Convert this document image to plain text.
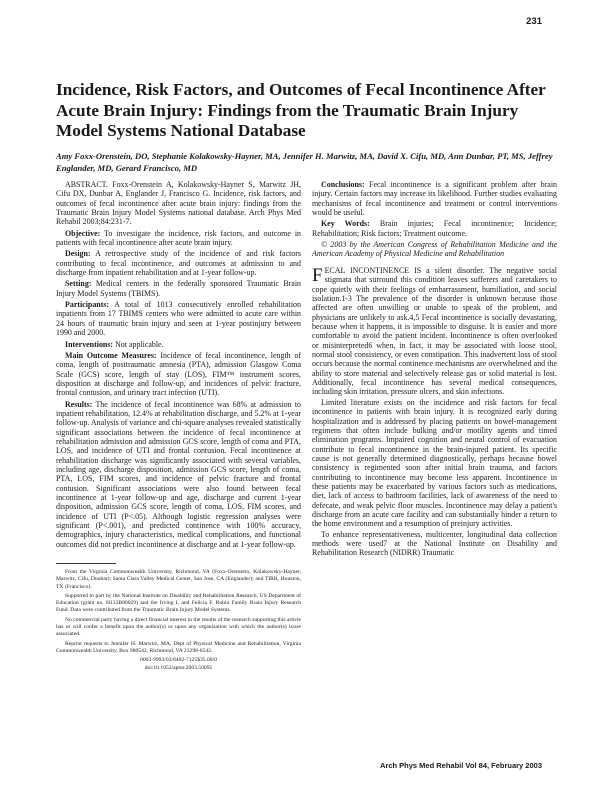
231
Incidence, Risk Factors, and Outcomes of Fecal Incontinence After Acute Brain Injury: Findings from the Traumatic Brain Injury Model Systems National Database

Amy Foxx-Orenstein, DO, Stephanie Kolakowsky-Hayner, MA, Jennifer H. Marwitz, MA, David X. Cifu, MD, Ann Dunbar, PT, MS, Jeffrey Englander, MD, Gerard Francisco, MD

ABSTRACT. Foxx-Orenstein A, Kolakowsky-Hayner S, Marwitz JH, Cifu DX, Dunbar A, Englander J, Francisco G. Incidence, risk factors, and outcomes of fecal incontinence after acute brain injury: findings from the Traumatic Brain Injury Model Systems national database. Arch Phys Med Rehabil 2003;84:231-7.

Objective: To investigate the incidence, risk factors, and outcome in patients with fecal incontinence after acute brain injury.

Design: A retrospective study of the incidence of and risk factors contributing to fecal incontinence, and outcomes at admission to and discharge from inpatient rehabilitation and at 1-year follow-up.

Setting: Medical centers in the federally sponsored Traumatic Brain Injury Model Systems (TBIMS).

Participants: A total of 1013 consecutively enrolled rehabilitation inpatients from 17 TBIMS centers who were admitted to acute care within 24 hours of traumatic brain injury and seen at 1-year postinjury between 1990 and 2000.

Interventions: Not applicable.

Main Outcome Measures: Incidence of fecal incontinence, length of coma, length of posttraumatic amnesia (PTA), admission Glasgow Coma Scale (GCS) score, length of stay (LOS), FIM™ instrument scores, disposition at discharge and follow-up, and incidences of pelvic fracture, frontal contusion, and urinary tract infection (UTI).

Results: The incidence of fecal incontinence was 68% at admission to inpatient rehabilitation, 12.4% at rehabilitation discharge, and 5.2% at 1-year follow-up. Analysis of variance and chi-square analyses revealed statistically significant associations between the incidence of fecal incontinence at rehabilitation admission and admission GCS score, length of coma and PTA, LOS, and incidence of UTI and frontal contusion. Fecal incontinence at rehabilitation discharge was significantly associated with several variables, including age, discharge disposition, admission GCS score, length of coma, PTA, LOS, FIM scores, and incidence of pelvic fracture and frontal contusion. Significant associations were also found between fecal incontinence at 1-year follow-up and age, discharge and current 1-year disposition, admission GCS score, length of coma, LOS, FIM scores, and incidence of UTI (P<.05). Although logistic regression analyses were significant (P<.001), and predicted continence with 100% accuracy, demographics, injury characteristics, medical complications, and functional outcomes did not predict incontinence at discharge and at 1-year follow-up.

Conclusions: Fecal incontinence is a significant problem after brain injury. Certain factors may increase its likelihood. Further studies evaluating mechanisms of fecal incontinence and treatment or control interventions would be useful.

Key Words: Brain injuries; Fecal incontinence; Incidence; Rehabilitation; Risk factors; Treatment outcome.

© 2003 by the American Congress of Rehabilitation Medicine and the American Academy of Physical Medicine and Rehabilitation

FECAL INCONTINENCE IS a silent disorder. The negative social stigmata that surround this condition leaves sufferers and caretakers to cope quietly with their feelings of embarrassment, humiliation, and social isolation.1-3 The prevalence of the disorder is unknown because those affected are often unwilling or unable to speak of the problem, and physicians are unlikely to ask.4,5 Fecal incontinence is socially devastating, because when it happens, it is impossible to disguise. It is easier and more comfortable to avoid the patient incident. Incontinence is often overlooked or misinterpreted6 when, in fact, it may be associated with loose stool, normal stool consistency, or even constipation. This inadvertent loss of stool occurs because the normal continence mechanisms are overwhelmed and the ability to store material and selectively release gas or solid material is lost. Additionally, fecal incontinence has several medical consequences, including skin irritation, pressure ulcers, and skin infections.

Limited literature exists on the incidence and risk factors for fecal incontinence in patients with brain injury. It is recognized early during hospitalization and is addressed by placing patients on bowel-management regimens that often include bulking and/or motility agents and timed elimination programs. Impaired cognition and neural control of evacuation contribute to fecal incontinence in the brain-injured patient. Its specific cause is not generally determined diagnostically, perhaps because bowel consistency is regimented soon after initial brain trauma, and factors contributing to incontinence may become less apparent. Incontinence in these patients may be exacerbated by various factors such as medications, diet, lack of access to bathroom facilities, lack of awareness of the need to defecate, and weak pelvic floor muscles. Incontinence may delay a patient's discharge from an acute care facility and can substantially hinder a return to the home environment and a resumption of preinjury activities.

To enhance representativeness, multicenter, longitudinal data collection methods were used7 at the National Institute on Disability and Rehabilitation Research (NIDRR) Traumatic

From the Virginia Commonwealth University, Richmond, VA (Foxx-Orenstein, Kolakowsky-Hayner, Marwitz, Cifu, Dunbar); Santa Clara Valley Medical Center, San Jose, CA (Englander); and TIRR, Houston, TX (Francisco).

Supported in part by the National Institute on Disability and Rehabilitation Research, US Department of Education (grant no. H133B80029) and the Irving I. and Felicia F. Rubin Family Brain Injury Research Fund. Data were contributed from the Traumatic Brain Injury Model Systems.

No commercial party having a direct financial interest in the results of the research supporting this article has or will confer a benefit upon the author(s) or upon any organization with which the author(s) is/are associated.

Reprint requests to Jennifer H. Marwitz, MA, Dept of Physical Medicine and Rehabilitation, Virginia Commonwealth University, Box 980542, Richmond, VA 23298-0542.

0003-9993/03/8402-7125$35.00/0

doi:10.1053/apmr.2003.50095

Arch Phys Med Rehabil Vol 84, February 2003
